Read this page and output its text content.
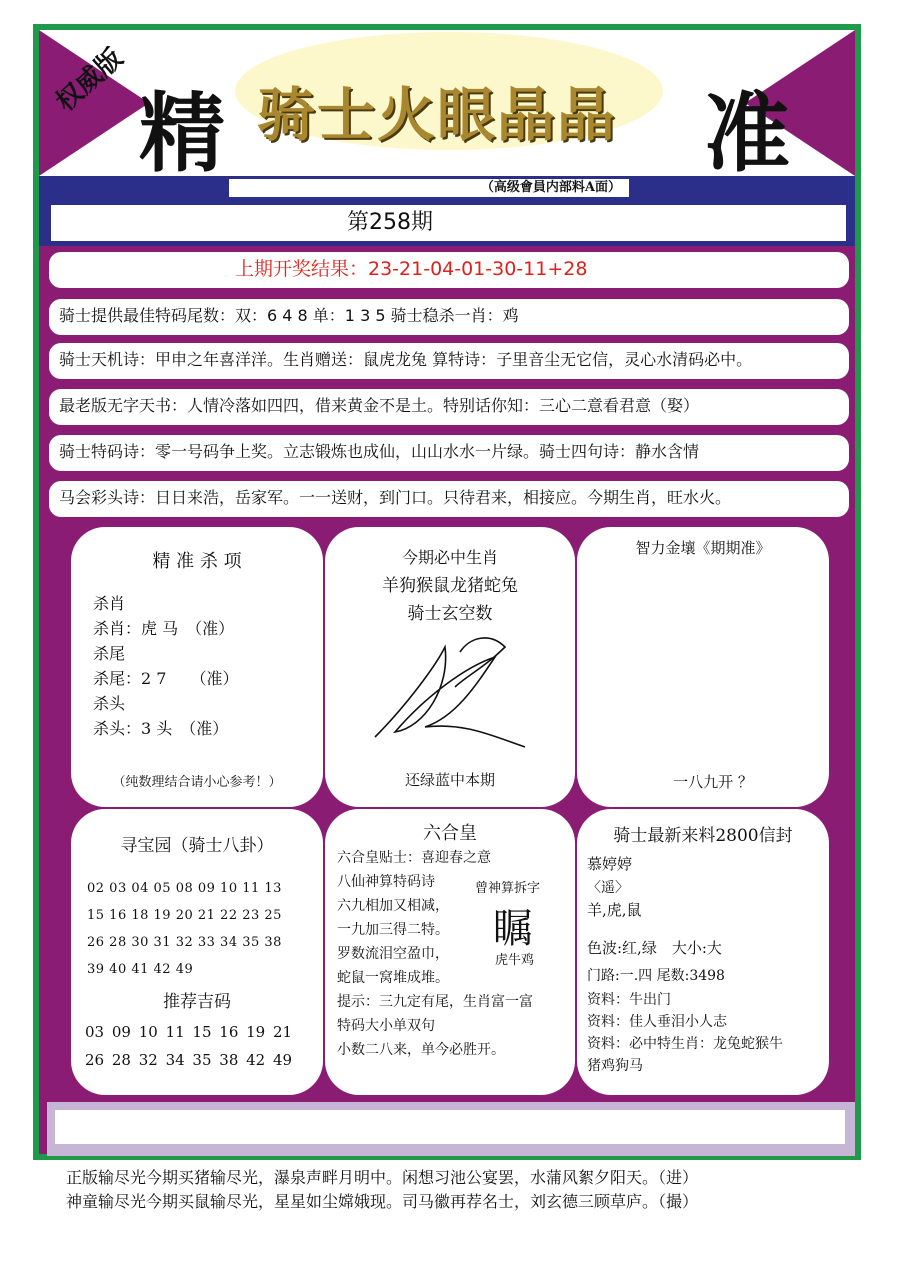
权威版
精 骑士火眼晶晶 准
（高级會員内部料A面）
第258期
上期开奖结果：23-21-04-01-30-11+28
骑士提供最佳特码尾数：双：6 4 8 单：1 3 5 骑士稳杀一肖：鸡
骑士天机诗：甲申之年喜洋洋。生肖赠送：鼠虎龙兔 算特诗：子里音尘无它信，灵心水清码必中。
最老版无字天书：人情冷落如四四，借来黄金不是土。特别话你知：三心二意看君意（娶）
骑士特码诗：零一号码争上奖。立志锻炼也成仙，山山水水一片绿。骑士四句诗：静水含情
马会彩头诗：日日来浩，岳家军。一一送财，到门口。只待君来，相接应。今期生肖，旺水火。
精 准 杀 项
杀肖
杀肖：虎 马　（准）
杀尾
杀尾：2 7　　（准）
杀头
杀头：3 头　（准）
（纯数理结合请小心参考！）
今期必中生肖
羊狗猴鼠龙猪蛇兔
骑士玄空数
还绿蓝中本期
智力金壤《期期准》
一八九开 ？
寻宝园（骑士八卦）
02 03 04 05 08 09 10 11 13
15 16 18 19 20 21 22 23 25
26 28 30 31 32 33 34 35 38
39 40 41 42 49
推荐吉码
03 09 10 11 15 16 19 21
26 28 32 34 35 38 42 49
六合皇
六合皇贴士：喜迎春之意
八仙神算特码诗
六九相加又相减，
一九加三得二特。
罗数流泪空盈巾，
蛇鼠一窝堆成堆。
提示：三九定有尾，生肖富一富
特码大小单双句
小数二八来，单今必胜开。
曾神算拆字
瞩
虎牛鸡
骑士最新来料2800信封
慕婷婷
〈遥〉
羊,虎,鼠
色波:红,绿　大小:大
门路:一.四 尾数:3498
资料：牛出门
资料：佳人垂泪小人志
资料：必中特生肖：龙兔蛇猴牛
猪鸡狗马
正版输尽光今期买猪输尽光，瀑泉声畔月明中。闲想习池公宴罢，水蒲风絮夕阳天。（进）
神童输尽光今期买鼠输尽光，星星如尘嫦娥现。司马徽再荐名士，刘玄德三顾草庐。（撮）
